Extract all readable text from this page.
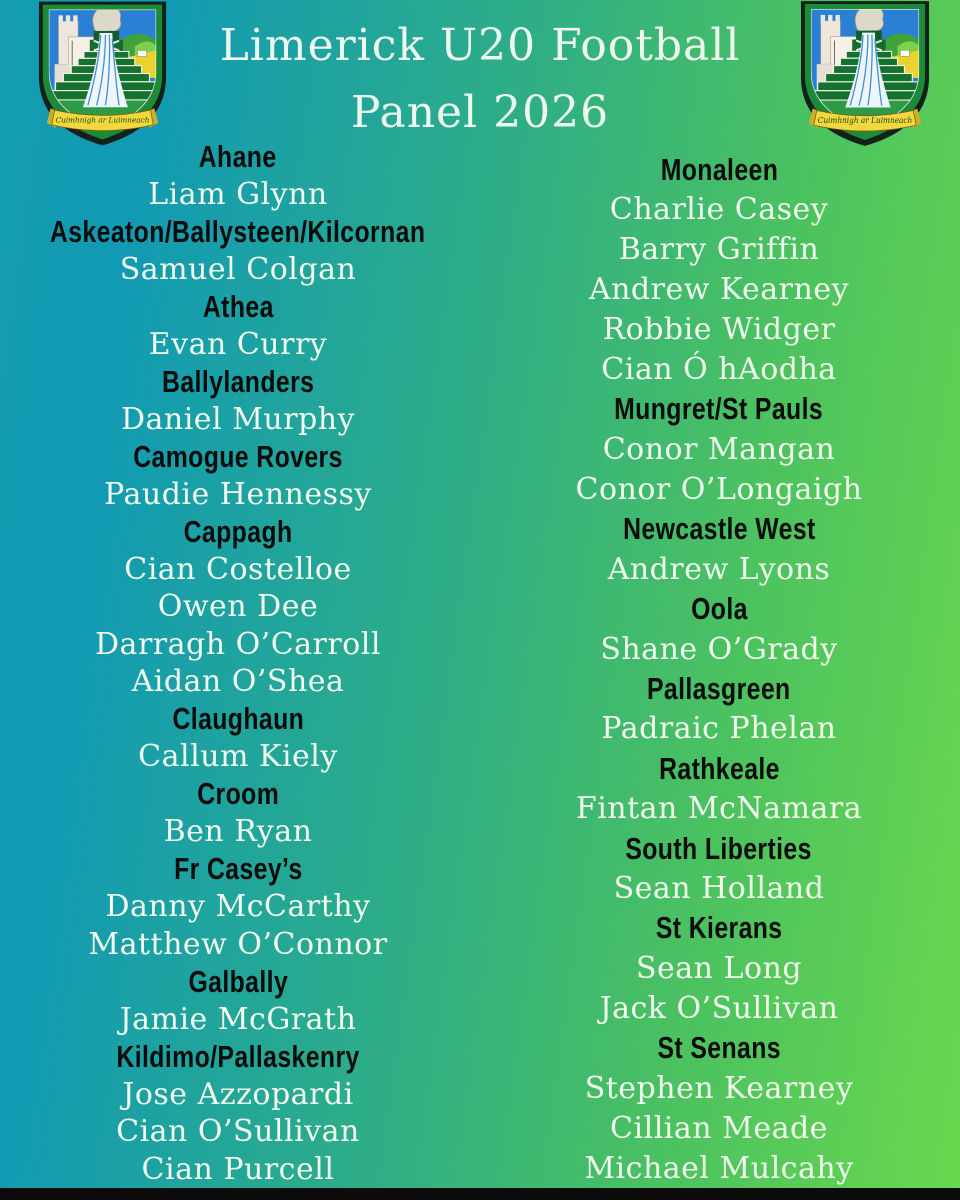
Limerick U20 Football
Panel 2026
Ahane
Liam Glynn
Askeaton/Ballysteen/Kilcornan
Samuel Colgan
Athea
Evan Curry
Ballylanders
Daniel Murphy
Camogue Rovers
Paudie Hennessy
Cappagh
Cian Costelloe
Owen Dee
Darragh O’Carroll
Aidan O’Shea
Claughaun
Callum Kiely
Croom
Ben Ryan
Fr Casey’s
Danny McCarthy
Matthew O’Connor
Galbally
Jamie McGrath
Kildimo/Pallaskenry
Jose Azzopardi
Cian O’Sullivan
Cian Purcell
Monaleen
Charlie Casey
Barry Griffin
Andrew Kearney
Robbie Widger
Cian Ó hAodha
Mungret/St Pauls
Conor Mangan
Conor O’Longaigh
Newcastle West
Andrew Lyons
Oola
Shane O’Grady
Pallasgreen
Padraic Phelan
Rathkeale
Fintan McNamara
South Liberties
Sean Holland
St Kierans
Sean Long
Jack O’Sullivan
St Senans
Stephen Kearney
Cillian Meade
Michael Mulcahy
